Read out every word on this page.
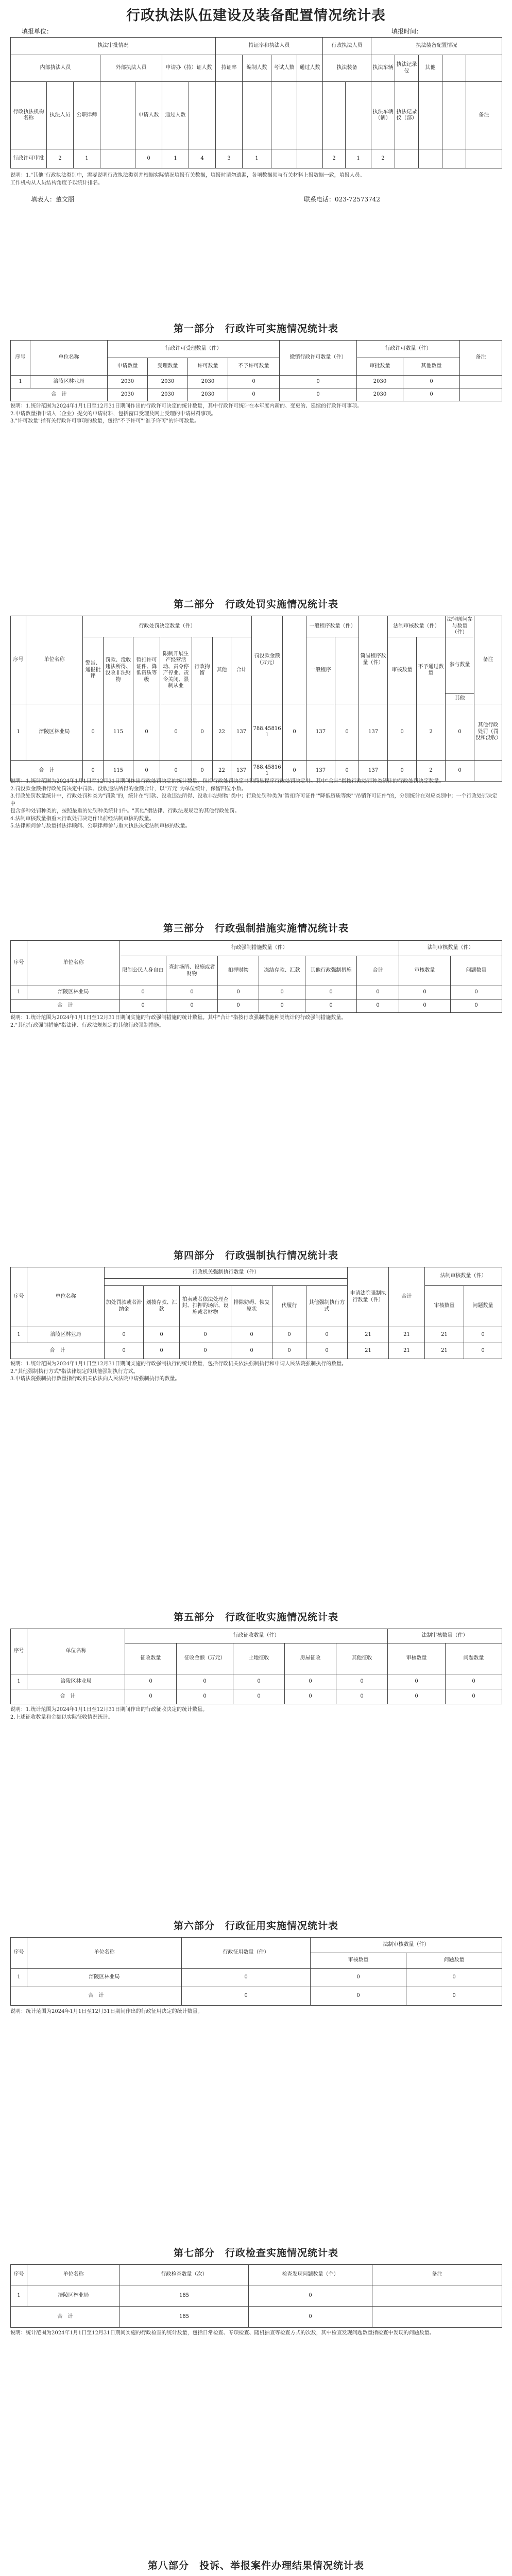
行政执法队伍建设及装备配置情况统计表
填报单位：	填报时间：
执法审批情况							持证率和执法人员				行政执法人员		执法装备配置情况				
内部执法人员			外部执法人员		申请办（持）证人数		持证率	编制人数	考试人数	通过人数	执法装备		执法车辆	执法记录仪	其他		
行政执法机构名称	执法人员	公职律师		申请人数	通过人数								执法车辆（辆）	执法记录仪（部）			备注
行政许可审批	2	1		0	1	4	3	1			2	1	2				
说明：1."其他"行政执法类别中，需要说明行政执法类别并根据实际情况填报有关数据，填报时请勿遗漏，各项数据须与有关材料上报数据一致，填报人员、
工作机构从人员结构角度予以统计排名。
填表人：董文丽	联系电话：023-72573742
第一部分　行政许可实施情况统计表
序号	单位名称	行政许可受理数量（件）				撤销行政许可数量（件）	行政许可数量（件）		备注
		申请数量	受理数量	许可数量	不予许可数量		审批数量	其他数量	
1	涪陵区林业局	2030	2030	2030	0	0	2030	0	
合　计		2030	2030	2030	0	0	2030	0	
说明：1.统计范围为2024年1月1日至12月31日期间作出的行政许可决定的统计数量，其中行政许可统计在本年度内新的、变更的、延续的行政许可事项。
2.申请数量指申请人（企业）提交的申请材料，包括窗口受理及网上受理的申请材料事项。
3."许可数量"指有关行政许可事项的数量，包括"不予许可""准予许可"的许可数量。
第二部分　行政处罚实施情况统计表
序号	单位名称	行政处罚决定数量（件）							罚没款金额（万元）		一般程序数量（件）		简易程序数量（件）	法制审核数量（件）		法律顾问参与数量（件）	备注
		警告、通报批评	罚款、没收违法所得、没收非法财物	暂扣许可证件、降低资质等级	限制开展生产经营活动、责令停产停业、责令关闭、限制从业	行政拘留	其他	合计			一般程序			审核数量	不予通过数量	参与数量	
																其他	
1	涪陵区林业局	0	115	0	0	0	22	137	788.458161	0	137	0	137	0	2	0	其他行政处罚（罚没和没收）
合　计		0	115	0	0	0	22	137	788.458161	0	137	0	137	0	2	0	
说明：1.统计范围为2024年1月1日至12月31日期间作出行政处罚决定的统计数量，包括行政处罚决定书和简易程序行政处罚决定书。其中"合计"指按行政处罚种类统计的行政处罚决定数量。
2.罚没款金额指行政处罚决定中罚款、没收违法所得的金额合计，以"万元"为单位统计，保留四位小数。
3.行政处罚数量统计中，行政处罚种类为"罚款"的，统计在"罚款、没收违法所得、没收非法财物"类中；行政处罚种类为"暂扣许可证件""降低资质等级""吊销许可证件"的，分别统计在对应类别中；一个行政处罚决定中
包含多种处罚种类的，按照最重的处罚种类统计1件。"其他"指法律、行政法规规定的其他行政处罚。
4.法制审核数量指重大行政处罚决定作出前经法制审核的数量。
5.法律顾问参与数量指法律顾问、公职律师参与重大执法决定法制审核的数量。
第三部分　行政强制措施实施情况统计表
序号	单位名称	行政强制措施数量（件）						法制审核数量（件）	
		限制公民人身自由	查封场所、设施或者财物	扣押财物	冻结存款、汇款	其他行政强制措施	合计	审核数量	问题数量
1	涪陵区林业局	0	0	0	0	0	0	0	0
合　计		0	0	0	0	0	0	0	0
说明：1.统计范围为2024年1月1日至12月31日期间实施的行政强制措施的统计数量。其中"合计"指按行政强制措施种类统计的行政强制措施数量。
2."其他行政强制措施"指法律、行政法规规定的其他行政强制措施。
第四部分　行政强制执行情况统计表
序号	单位名称	行政机关强制执行数量（件）						申请法院强制执行数量（件）	合计	法制审核数量（件）	

		加处罚款或者滞纳金	划拨存款、汇款	拍卖或者依法处理查封、扣押的场所、设施或者财物	排除妨碍、恢复原状	代履行	其他强制执行方式			审核数量	问题数量
1	涪陵区林业局	0	0	0	0	0	0	21	21	21	0
合　计		0	0	0	0	0	0	21	21	21	0
说明：1.统计范围为2024年1月1日至12月31日期间实施的行政强制执行的统计数量，包括行政机关依法强制执行和申请人民法院强制执行的数量。
2."其他强制执行方式"指法律规定的其他强制执行方式。
3.申请法院强制执行数量指行政机关依法向人民法院申请强制执行的数量。
第五部分　行政征收实施情况统计表
序号	单位名称	行政征收数量（件）					法制审核数量（件）	
		征收数量	征收金额（万元）	土地征收	房屋征收	其他征收	审核数量	问题数量
1	涪陵区林业局	0	0	0	0	0	0	0
合　计		0	0	0	0	0	0	0
说明：1.统计范围为2024年1月1日至12月31日期间作出的行政征收决定的统计数量。
2.上述征收数量和金额以实际征收情况统计。
第六部分　行政征用实施情况统计表
序号	单位名称	行政征用数量（件）	法制审核数量（件）	
			审核数量	问题数量
1	涪陵区林业局	0	0	0
合　计		0	0	0
说明：统计范围为2024年1月1日至12月31日期间作出的行政征用决定的统计数量。
第七部分　行政检查实施情况统计表
序号	单位名称	行政检查数量（次）	检查发现问题数量（个）	备注
1	涪陵区林业局	185	0	
合　计		185	0	
说明：统计范围为2024年1月1日至12月31日期间实施的行政检查的统计数量，包括日常检查、专项检查、随机抽查等检查方式的次数，其中检查发现问题数量指检查中发现的问题数量。
第八部分　投诉、举报案件办理结果情况统计表
